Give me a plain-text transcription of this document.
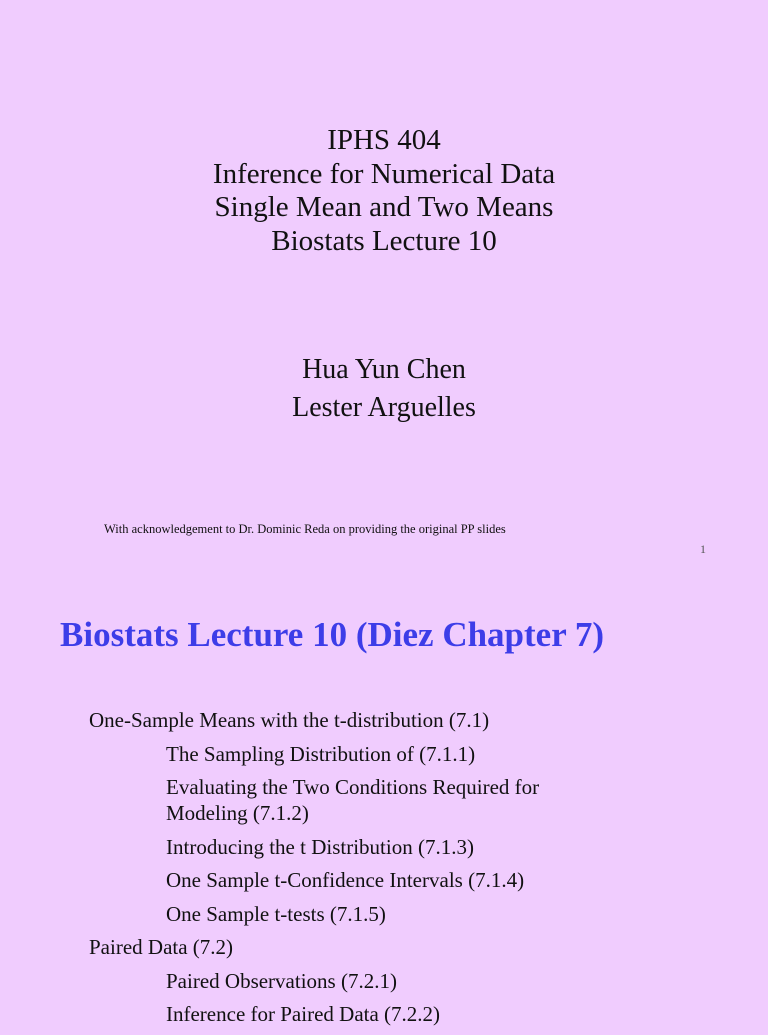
IPHS 404
Inference for Numerical Data
Single Mean and Two Means
Biostats Lecture 10
Hua Yun Chen
Lester Arguelles
With acknowledgement to Dr. Dominic Reda on providing the original PP slides
1
Biostats Lecture 10 (Diez Chapter 7)
One-Sample Means with the t-distribution (7.1)
The Sampling Distribution of (7.1.1)
Evaluating the Two Conditions Required for Modeling (7.1.2)
Introducing the t Distribution (7.1.3)
One Sample t-Confidence Intervals (7.1.4)
One Sample t-tests (7.1.5)
Paired Data (7.2)
Paired Observations (7.2.1)
Inference for Paired Data (7.2.2)
